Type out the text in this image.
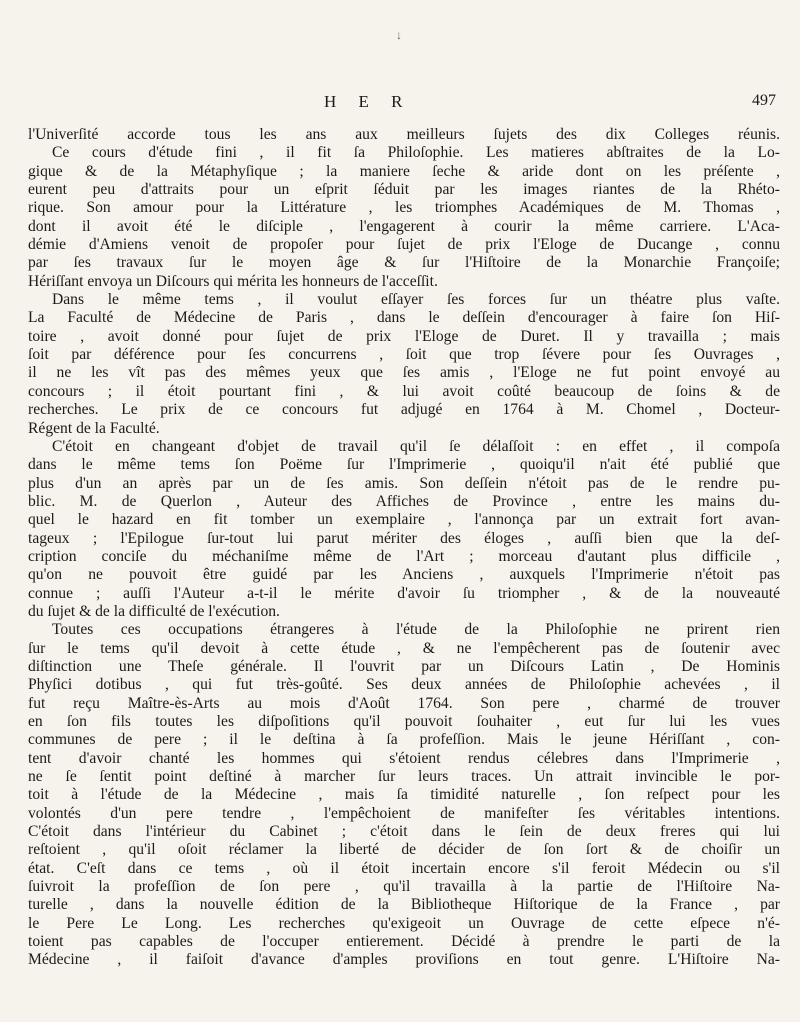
↓
H E R	497
l'Univerſité accorde tous les ans aux meilleurs ſujets des dix Colleges réunis.
Ce cours d'étude fini , il fit ſa Philoſophie. Les matieres abſtraites de la Lo-
gique & de la Métaphyſique ; la maniere ſeche & aride dont on les préſente ,
eurent peu d'attraits pour un eſprit ſéduit par les images riantes de la Rhéto-
rique. Son amour pour la Littérature , les triomphes Académiques de M. Thomas ,
dont il avoit été le diſciple , l'engagerent à courir la même carriere. L'Aca-
démie d'Amiens venoit de propoſer pour ſujet de prix l'Eloge de Ducange , connu
par ſes travaux ſur le moyen âge & ſur l'Hiſtoire de la Monarchie Françoiſe;
Hériſſant envoya un Diſcours qui mérita les honneurs de l'acceſſit.
Dans le même tems , il voulut eſſayer ſes forces ſur un théatre plus vaſte.
La Faculté de Médecine de Paris , dans le deſſein d'encourager à faire ſon Hiſ-
toire , avoit donné pour ſujet de prix l'Eloge de Duret. Il y travailla ; mais
ſoit par déférence pour ſes concurrens , ſoit que trop ſévere pour ſes Ouvrages ,
il ne les vît pas des mêmes yeux que ſes amis , l'Eloge ne fut point envoyé au
concours ; il étoit pourtant fini , & lui avoit coûté beaucoup de ſoins & de
recherches. Le prix de ce concours fut adjugé en 1764 à M. Chomel , Docteur-
Régent de la Faculté.
C'étoit en changeant d'objet de travail qu'il ſe délaſſoit : en effet , il compoſa
dans le même tems ſon Poëme ſur l'Imprimerie , quoiqu'il n'ait été publié que
plus d'un an après par un de ſes amis. Son deſſein n'étoit pas de le rendre pu-
blic. M. de Querlon , Auteur des Affiches de Province , entre les mains du-
quel le hazard en fit tomber un exemplaire , l'annonça par un extrait fort avan-
tageux ; l'Epilogue ſur-tout lui parut mériter des éloges , auſſi bien que la deſ-
cription conciſe du méchaniſme même de l'Art ; morceau d'autant plus difficile ,
qu'on ne pouvoit être guidé par les Anciens , auxquels l'Imprimerie n'étoit pas
connue ; auſſi l'Auteur a-t-il le mérite d'avoir ſu triompher , & de la nouveauté
du ſujet & de la difficulté de l'exécution.
Toutes ces occupations étrangeres à l'étude de la Philoſophie ne prirent rien
ſur le tems qu'il devoit à cette étude , & ne l'empêcherent pas de ſoutenir avec
diſtinction une Theſe générale. Il l'ouvrit par un Diſcours Latin , De Hominis
Phyſici dotibus , qui fut très-goûté. Ses deux années de Philoſophie achevées , il
fut reçu Maître-ès-Arts au mois d'Août 1764. Son pere , charmé de trouver
en ſon fils toutes les diſpoſitions qu'il pouvoit ſouhaiter , eut ſur lui les vues
communes de pere ; il le deſtina à ſa profeſſion. Mais le jeune Hériſſant , con-
tent d'avoir chanté les hommes qui s'étoient rendus célebres dans l'Imprimerie ,
ne ſe ſentit point deſtiné à marcher ſur leurs traces. Un attrait invincible le por-
toit à l'étude de la Médecine , mais ſa timidité naturelle , ſon reſpect pour les
volontés d'un pere tendre , l'empêchoient de manifeſter ſes véritables intentions.
C'étoit dans l'intérieur du Cabinet ; c'étoit dans le ſein de deux freres qui lui
reſtoient , qu'il oſoit réclamer la liberté de décider de ſon ſort & de choiſir un
état. C'eſt dans ce tems , où il étoit incertain encore s'il feroit Médecin ou s'il
ſuivroit la profeſſion de ſon pere , qu'il travailla à la partie de l'Hiſtoire Na-
turelle , dans la nouvelle édition de la Bibliotheque Hiſtorique de la France , par
le Pere Le Long. Les recherches qu'exigeoit un Ouvrage de cette eſpece n'é-
toient pas capables de l'occuper entierement. Décidé à prendre le parti de la
Médecine , il faiſoit d'avance d'amples proviſions en tout genre. L'Hiſtoire Na-
